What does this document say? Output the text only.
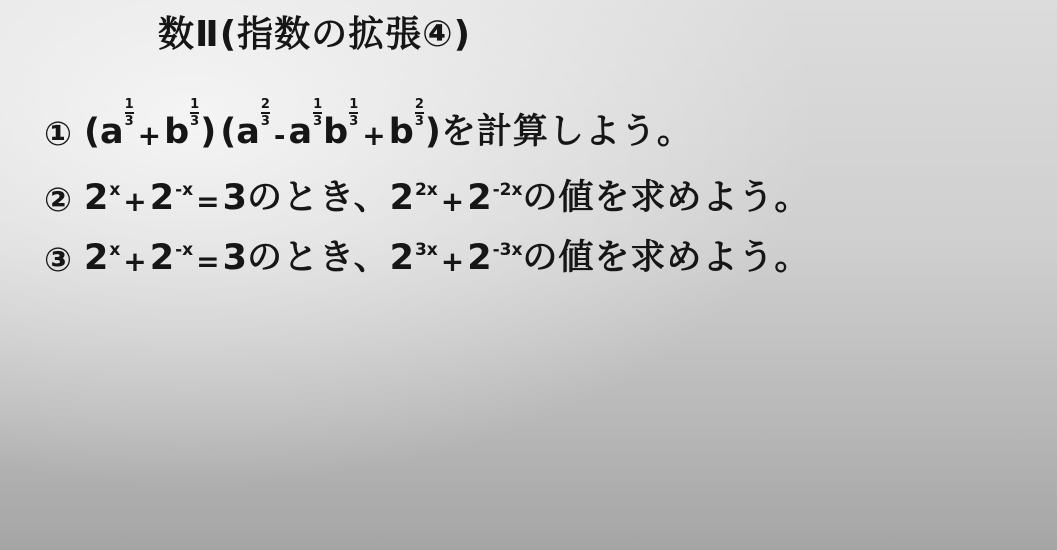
数Ⅱ(指数の拡張④)
① ( a $\frac{1}{3}$
+ b $\frac{1}{3}$ ) ( a $\frac{2}{3}$
- a $\frac{1}{3}$ b $\frac{1}{3}$
+ b $\frac{2}{3}$ ) を計算しよう。
② 2 x + 2 -x = 3 のとき、 2 2x + 2 -2x の値を求めよう。
③ 2 x + 2 -x = 3 のとき、 2 3x + 2 -3x の値を求めよう。
